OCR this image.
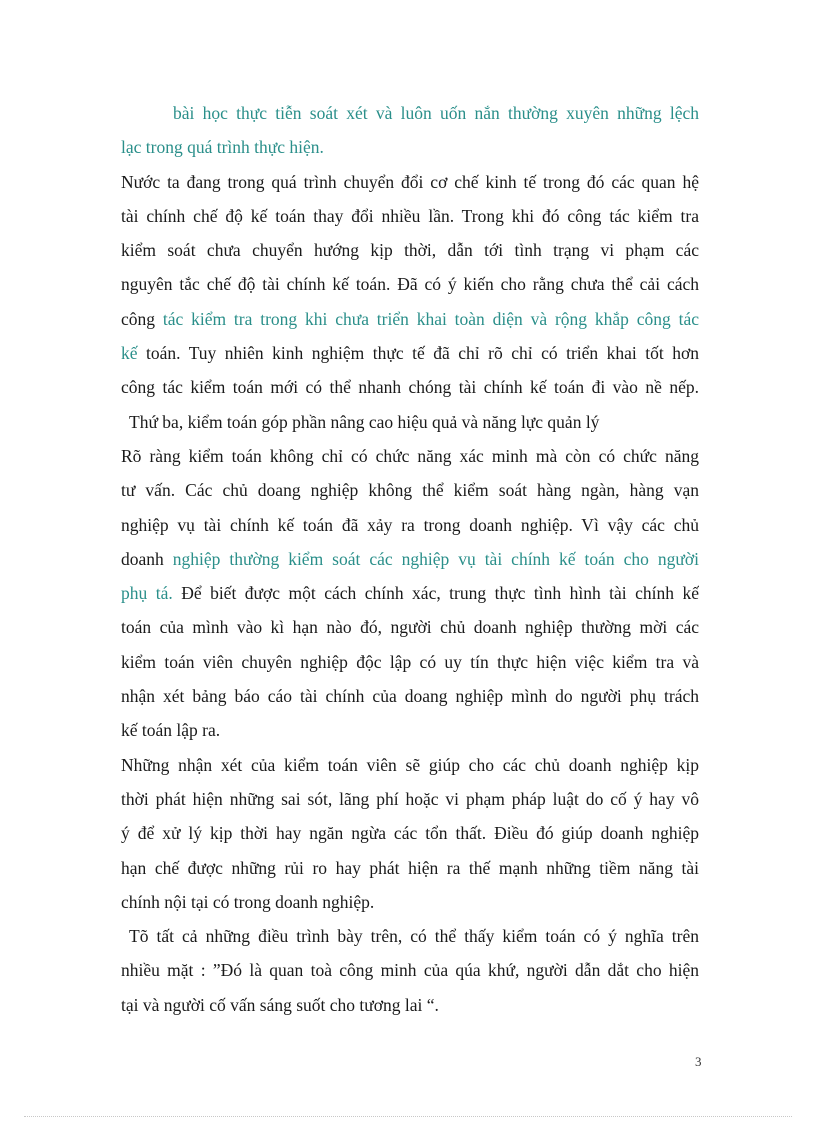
bài học thực tiễn soát xét và luôn uốn nắn thường xuyên những lệch
lạc trong quá trình thực hiện.
Nước ta đang trong quá trình chuyển đổi cơ chế kinh tế trong đó các quan hệ
tài chính chế độ kế toán thay đổi nhiều lần. Trong khi đó công tác kiểm tra
kiểm soát chưa chuyển hướng kịp thời, dẫn tới tình trạng vi phạm các
nguyên tắc chế độ tài chính kế toán. Đã có ý kiến cho rằng chưa thể cải cách
công tác kiểm tra trong khi chưa triển khai toàn diện và rộng khắp công tác
kế toán. Tuy nhiên kinh nghiệm thực tế đã chỉ rõ chỉ có triển khai tốt hơn
công tác kiểm toán mới có thể nhanh chóng tài chính kế toán đi vào nề nếp.
Thứ ba, kiểm toán góp phần nâng cao hiệu quả và năng lực quản lý
Rõ ràng kiểm toán không chỉ có chức năng xác minh mà còn có chức năng
tư vấn. Các chủ doang nghiệp không thể kiểm soát hàng ngàn, hàng vạn
nghiệp vụ tài chính kế toán đã xảy ra trong doanh nghiệp. Vì vậy các chủ
doanh nghiệp thường kiểm soát các nghiệp vụ tài chính kế toán cho người
phụ tá. Để biết được một cách chính xác, trung thực tình hình tài chính kế
toán của mình vào kì hạn nào đó, người chủ doanh nghiệp thường mời các
kiểm toán viên chuyên nghiệp độc lập có uy tín thực hiện việc kiểm tra và
nhận xét bảng báo cáo tài chính của doang nghiệp mình do người phụ trách
kế toán lập ra.
Những nhận xét của kiểm toán viên sẽ giúp cho các chủ doanh nghiệp kịp
thời phát hiện những sai sót, lãng phí hoặc vi phạm pháp luật do cố ý hay vô
ý để xử lý kịp thời hay ngăn ngừa các tổn thất. Điều đó giúp doanh nghiệp
hạn chế được những rủi ro hay phát hiện ra thế mạnh những tiềm năng tài
chính nội tại có trong doanh nghiệp.
Tõ tất cả những điều trình bày trên, có thể thấy kiểm toán có ý nghĩa trên
nhiều mặt : ”Đó là quan toà công minh của qúa khứ, người dẫn dắt cho hiện
tại và người cố vấn sáng suốt cho tương lai “.
3
